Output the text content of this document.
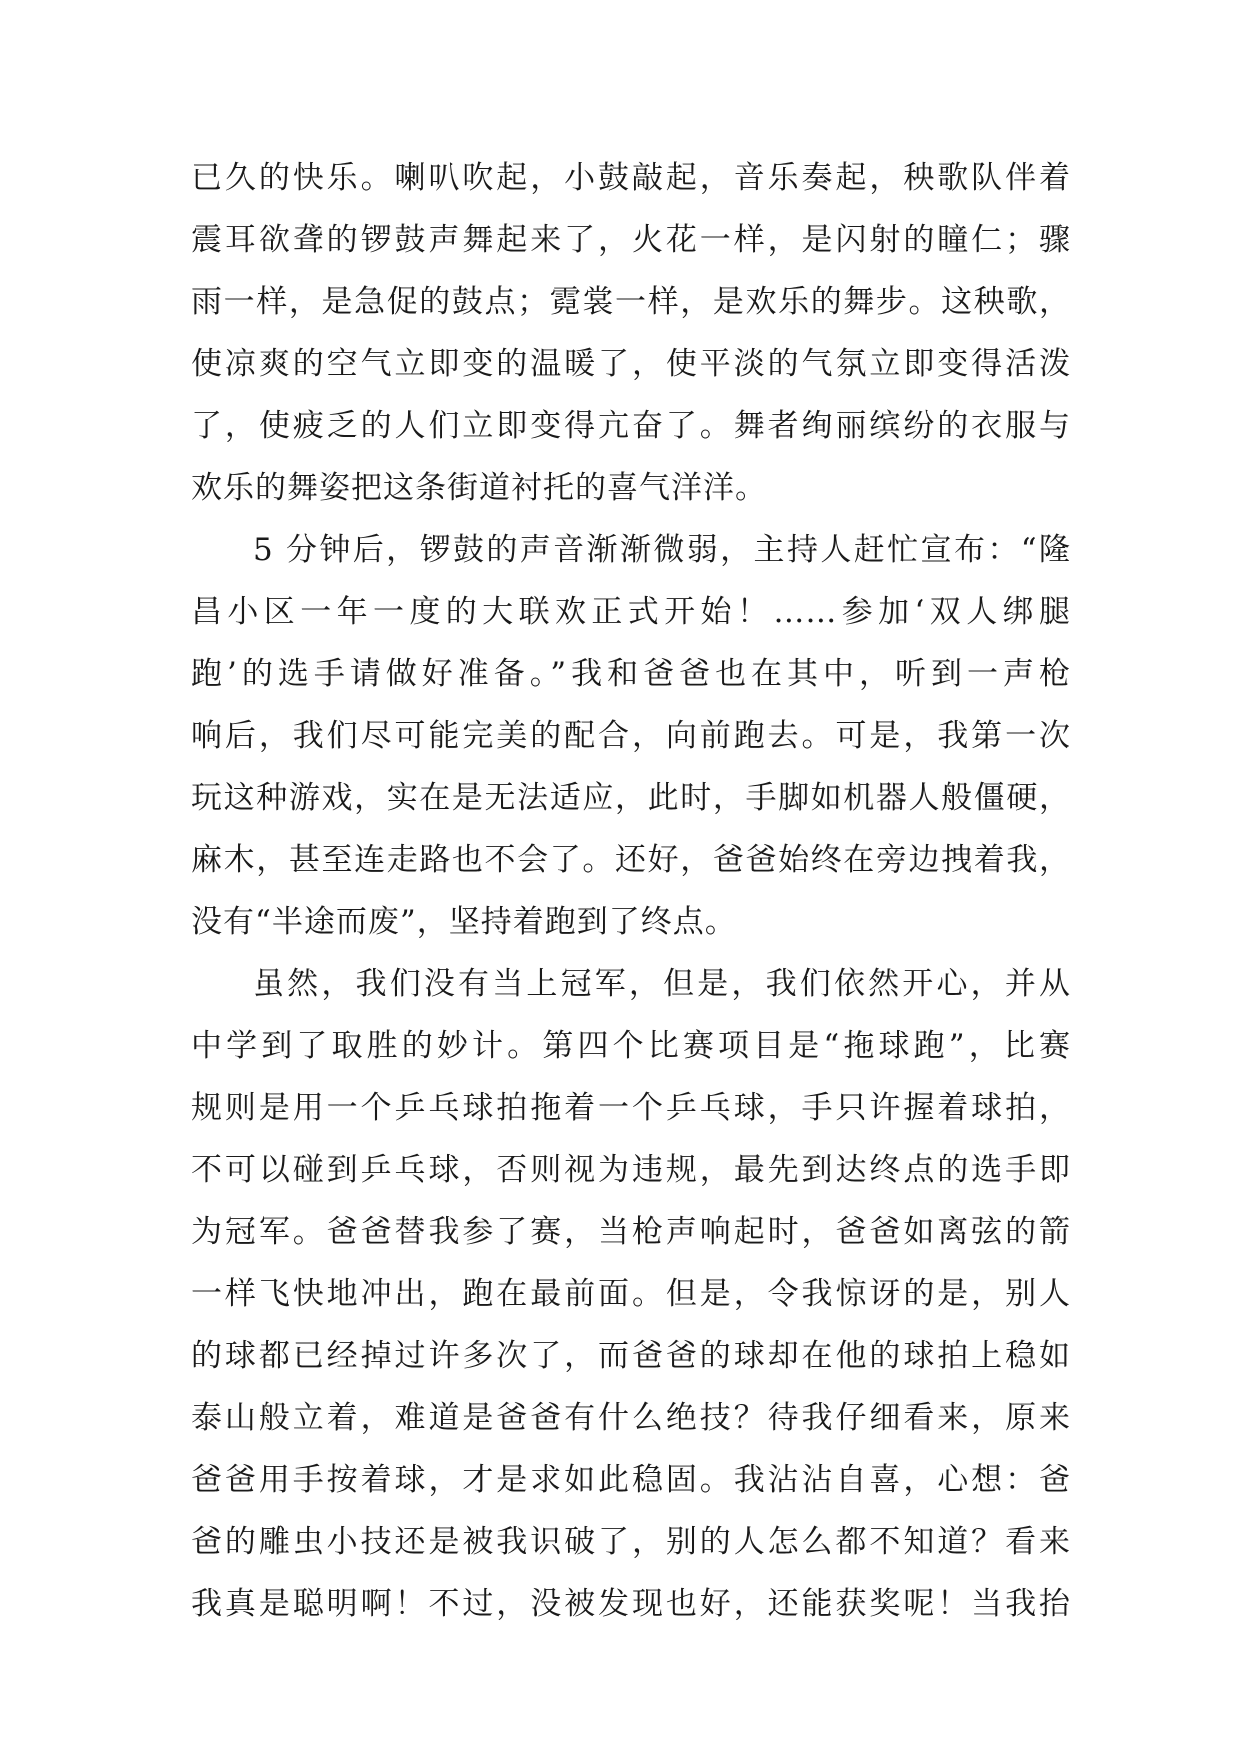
已久的快乐。喇叭吹起，小鼓敲起，音乐奏起，秧歌队伴着
震耳欲聋的锣鼓声舞起来了，火花一样，是闪射的瞳仁；骤
雨一样，是急促的鼓点；霓裳一样，是欢乐的舞步。这秧歌，
使凉爽的空气立即变的温暖了，使平淡的气氛立即变得活泼
了，使疲乏的人们立即变得亢奋了。舞者绚丽缤纷的衣服与
欢乐的舞姿把这条街道衬托的喜气洋洋。
5 分钟后，锣鼓的声音渐渐微弱，主持人赶忙宣布：“隆
昌小区一年一度的大联欢正式开始！……参加‘双人绑腿
跑’的选手请做好准备。”我和爸爸也在其中，听到一声枪
响后，我们尽可能完美的配合，向前跑去。可是，我第一次
玩这种游戏，实在是无法适应，此时，手脚如机器人般僵硬，
麻木，甚至连走路也不会了。还好，爸爸始终在旁边拽着我，
没有“半途而废”，坚持着跑到了终点。
虽然，我们没有当上冠军，但是，我们依然开心，并从
中学到了取胜的妙计。第四个比赛项目是“拖球跑”，比赛
规则是用一个乒乓球拍拖着一个乒乓球，手只许握着球拍，
不可以碰到乒乓球，否则视为违规，最先到达终点的选手即
为冠军。爸爸替我参了赛，当枪声响起时，爸爸如离弦的箭
一样飞快地冲出，跑在最前面。但是，令我惊讶的是，别人
的球都已经掉过许多次了，而爸爸的球却在他的球拍上稳如
泰山般立着，难道是爸爸有什么绝技？待我仔细看来，原来
爸爸用手按着球，才是求如此稳固。我沾沾自喜，心想：爸
爸的雕虫小技还是被我识破了，别的人怎么都不知道？看来
我真是聪明啊！不过，没被发现也好，还能获奖呢！当我抬
